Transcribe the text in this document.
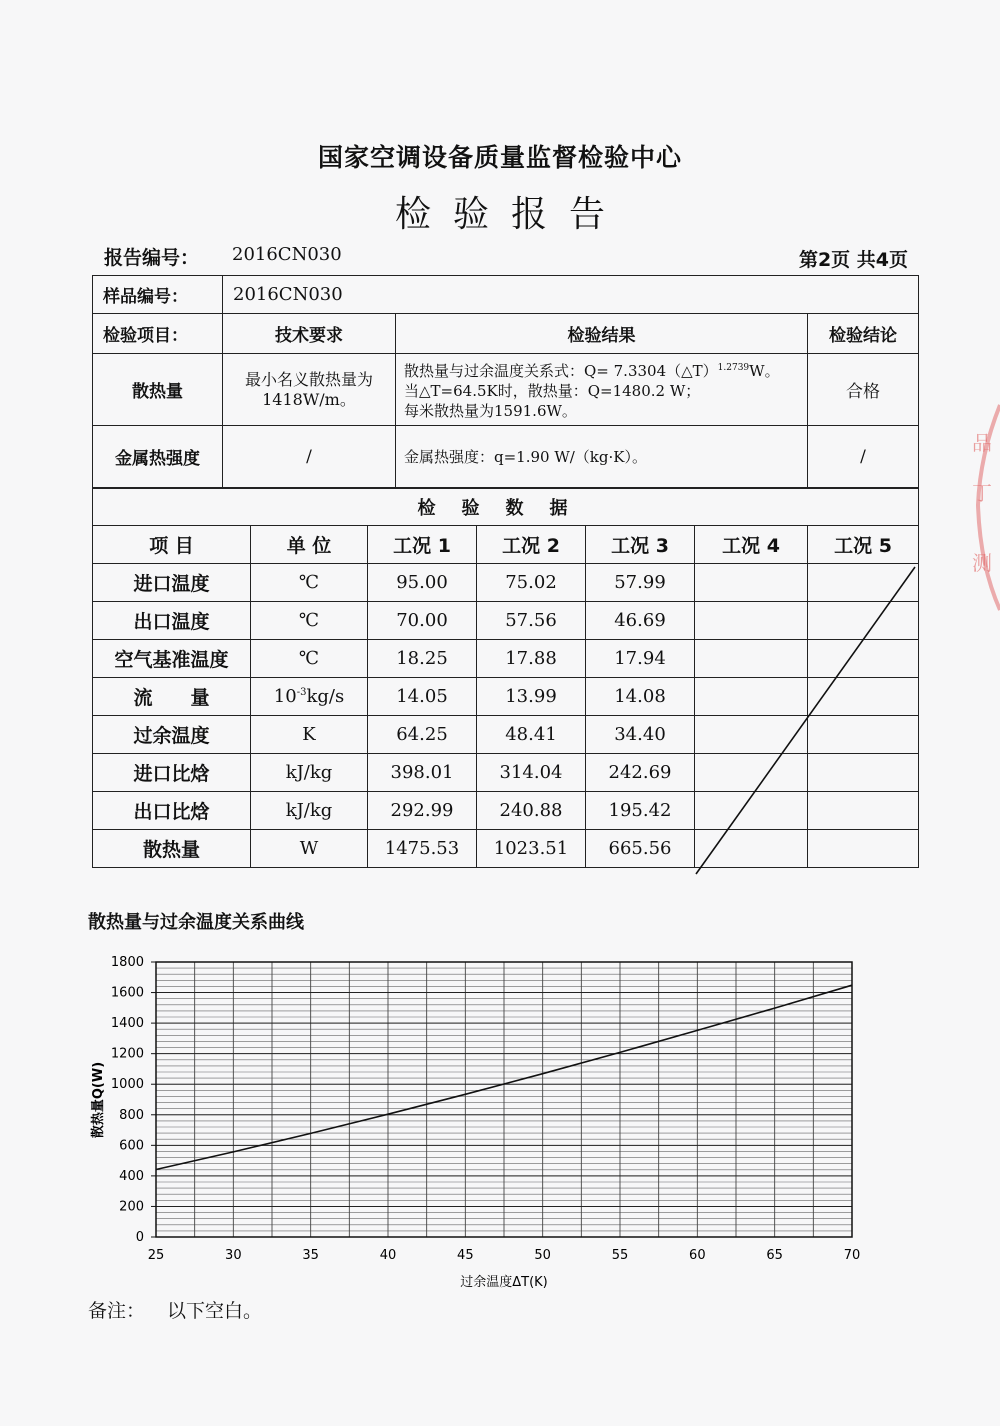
国家空调设备质量监督检验中心
检验报告
报告编号： 2016CN030	第2页 共4页
样品编号：	2016CN030		
检验项目：	技术要求	检验结果	检验结论
散热量	最小名义散热量为1418W/m。	散热量与过余温度关系式：Q= 7.3304（△T）$^{1.2739}$W。
当△T=64.5K时，散热量：Q=1480.2 W；
每米散热量为1591.6W。	合格
金属热强度	/	金属热强度：q=1.90 W/（kg·K）。	/
检验数据						
项 目	单 位	工况 1	工况 2	工况 3	工况 4	工况 5
进口温度	℃	95.00	75.02	57.99		
出口温度	℃	70.00	57.56	46.69		
空气基准温度	℃	18.25	17.88	17.94		
流　　量	$10^{-3}kg/s$	14.05	13.99	14.08		
过余温度	K	64.25	48.41	34.40		
进口比焓	kJ/kg	398.01	314.04	242.69		
出口比焓	kJ/kg	292.99	240.88	195.42		
散热量	W	1475.53	1023.51	665.56		
散热量与过余温度关系曲线
0
200
400
600
800
1000
1200
1400
1600
1800
25	30	35	40	45	50	55	60	65	70
过余温度ΔT(K)
散热量Q(W)
备注： 以下空白。
品
丁
测
